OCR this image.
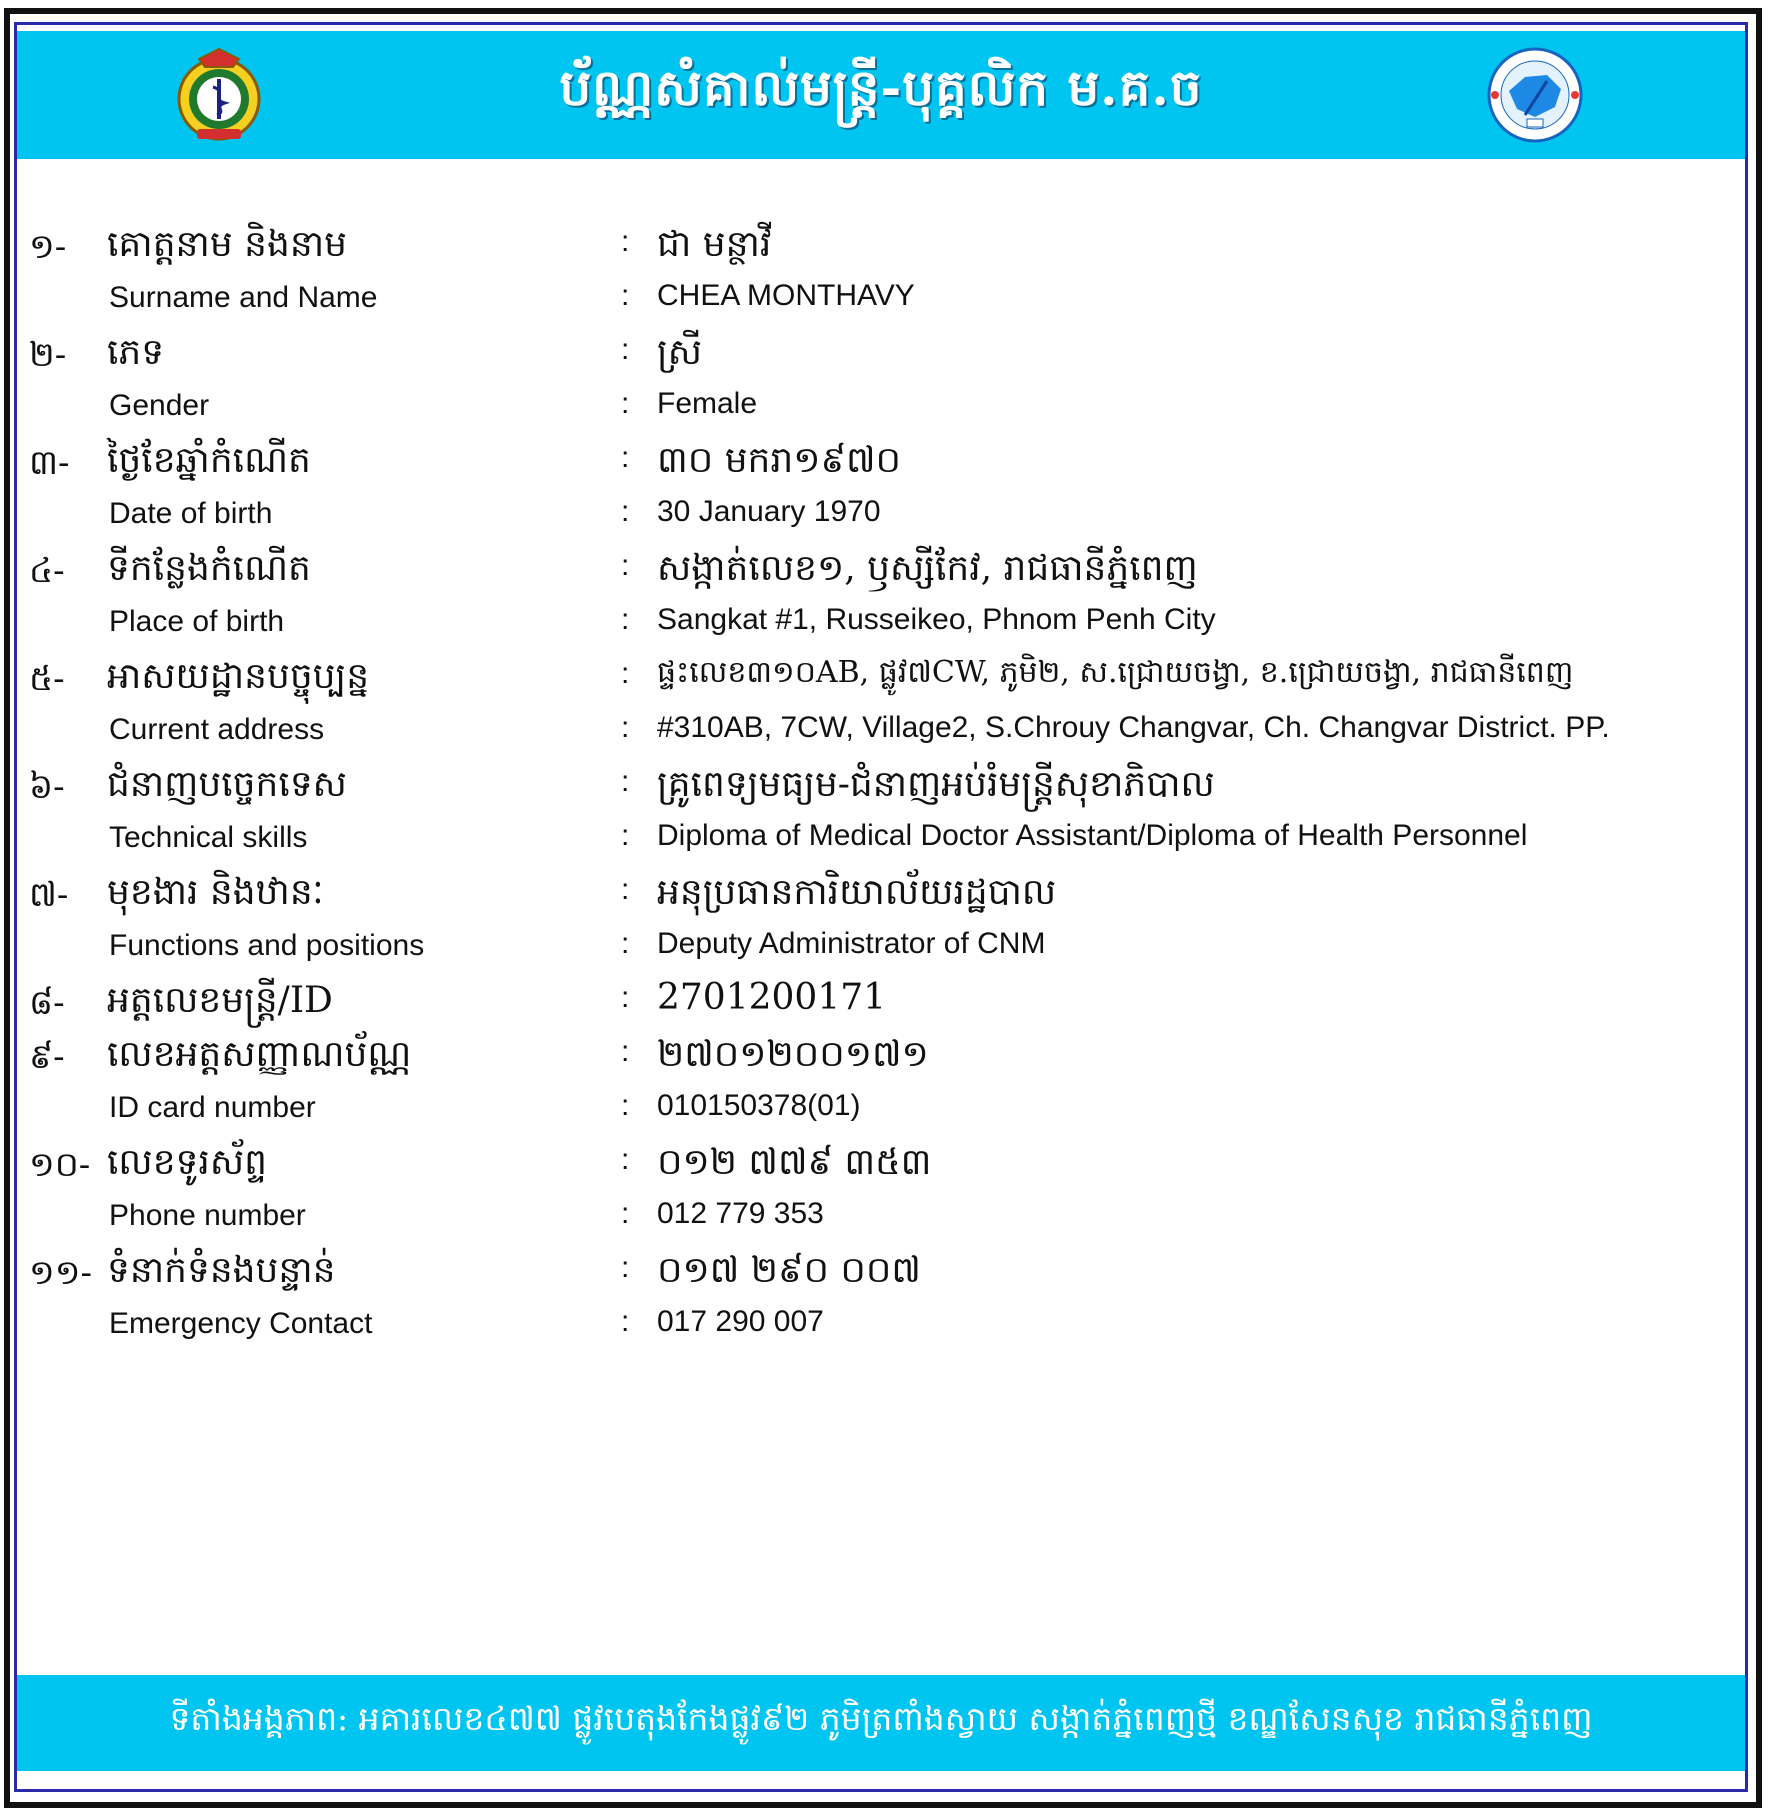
ប័ណ្ណសំគាល់មន្ត្រី-បុគ្គលិក ម.គ.ច
១- គោត្តនាម និងនាម	: ជា មន្ថាវី
Surname and Name	: CHEA MONTHAVY
២- ភេទ	: ស្រី
Gender	: Female
៣- ថ្ងៃខែឆ្នាំកំណើត	: ៣០ មករា១៩៧០
Date of birth	: 30 January 1970
៤- ទីកន្លែងកំណើត	: សង្កាត់លេខ១, ឫស្សីកែវ, រាជធានីភ្នំពេញ
Place of birth	: Sangkat #1, Russeikeo, Phnom Penh City
៥- អាសយដ្ឋានបច្ចុប្បន្ន	: ផ្ទះលេខ៣១០AB, ផ្លូវ៧CW, ភូមិ២, ស.ជ្រោយចង្វា, ខ.ជ្រោយចង្វា, រាជធានីពេញ
Current address	: #310AB, 7CW, Village2, S.Chrouy Changvar, Ch. Changvar District. PP.
៦- ជំនាញបច្ចេកទេស	: គ្រូពេទ្យមធ្យម-ជំនាញអប់រំមន្ត្រីសុខាភិបាល
Technical skills	: Diploma of Medical Doctor Assistant/Diploma of Health Personnel
៧- មុខងារ និងឋានៈ	: អនុប្រធានការិយាល័យរដ្ឋបាល
Functions and positions	: Deputy Administrator of CNM
៨- អត្តលេខមន្ត្រី/ID	: 2701200171
៩- លេខអត្តសញ្ញាណប័ណ្ណ	: ២៧០១២០០១៧១
ID card number	: 010150378(01)
១០- លេខទូរស័ព្ទ	: ០១២ ៧៧៩ ៣៥៣
Phone number	: 012 779 353
១១- ទំនាក់ទំនងបន្ទាន់	: ០១៧ ២៩០ ០០៧
Emergency Contact	: 017 290 007
ទីតាំងអង្គភាព: អគារលេខ៤៧៧ ផ្លូវបេតុងកែងផ្លូវ៩២ ភូមិត្រពាំងស្វាយ សង្កាត់ភ្នំពេញថ្មី ខណ្ឌសែនសុខ រាជធានីភ្នំពេញ
